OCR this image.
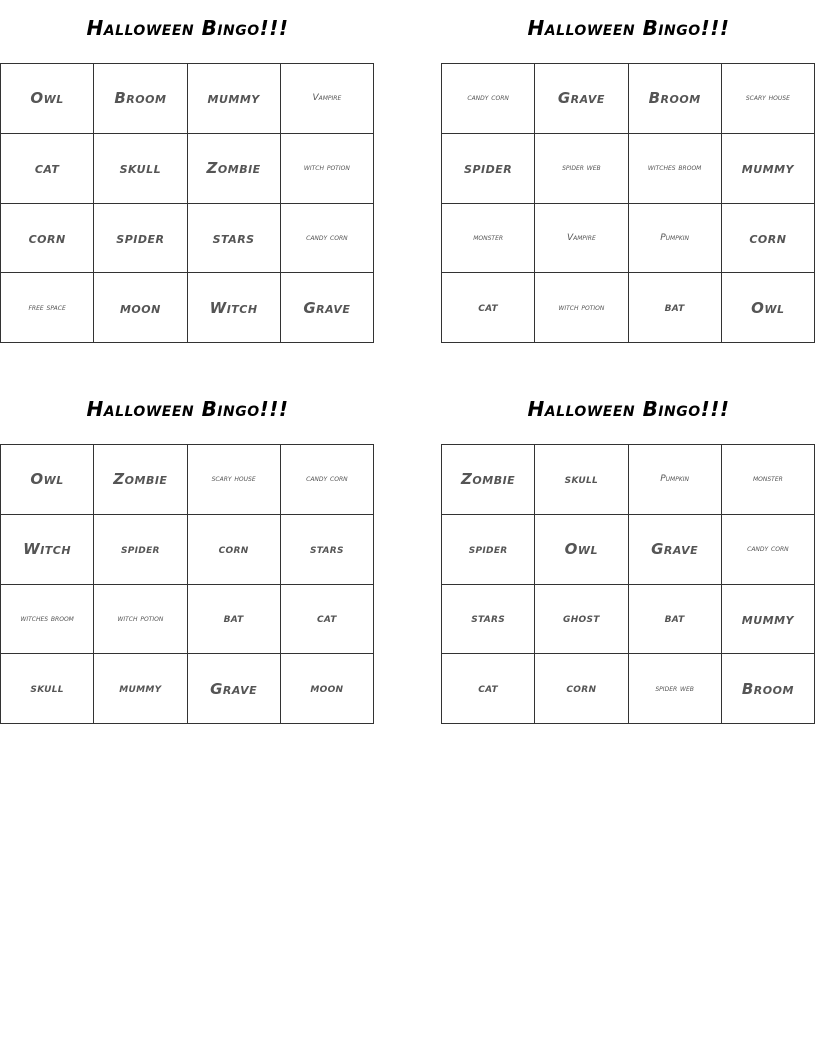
Halloween Bingo!!!
Owl	Broom	mummy	Vampire
cat	skull	Zombie	witch potion
corn	spider	stars	candy corn
free space	moon	Witch	Grave
Halloween Bingo!!!
candy corn	Grave	Broom	scary house
spider	spider web	witches broom	mummy
monster	Vampire	Pumpkin	corn
cat	witch potion	bat	Owl
Halloween Bingo!!!
Owl	Zombie	scary house	candy corn
Witch	spider	corn	stars
witches broom	witch potion	bat	cat
skull	mummy	Grave	moon
Halloween Bingo!!!
Zombie	skull	Pumpkin	monster
spider	Owl	Grave	candy corn
stars	ghost	bat	mummy
cat	corn	spider web	Broom
